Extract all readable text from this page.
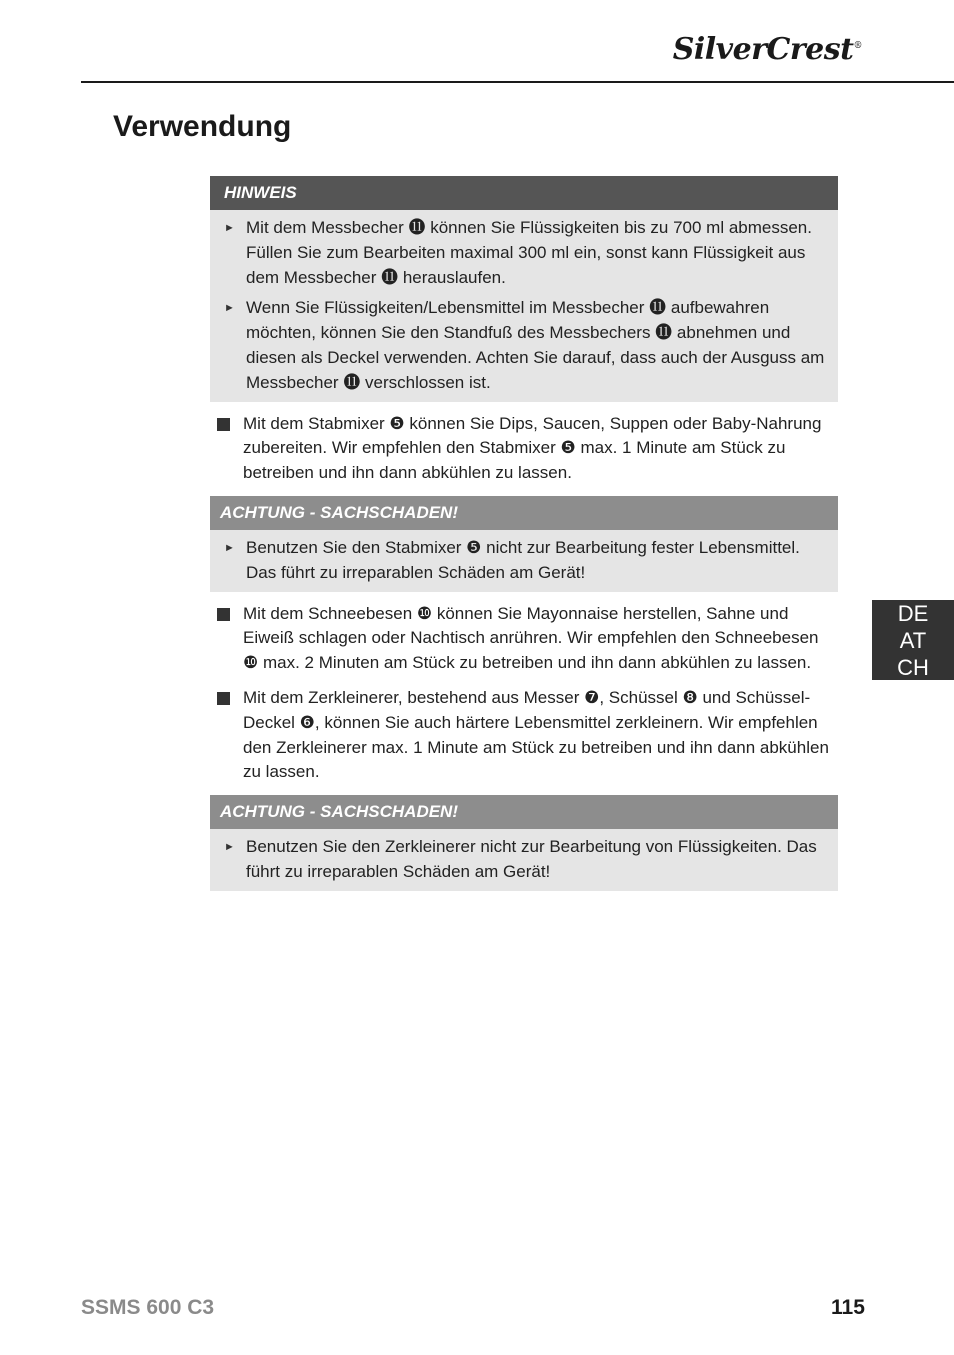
SilverCrest®
Verwendung
HINWEIS
► Mit dem Messbecher ⓫ können Sie Flüssigkeiten bis zu 700 ml abmessen. Füllen Sie zum Bearbeiten maximal 300 ml ein, sonst kann Flüssigkeit aus dem Messbecher ⓫ herauslaufen.
► Wenn Sie Flüssigkeiten/Lebensmittel im Messbecher ⓫ aufbewahren möchten, können Sie den Standfuß des Messbechers ⓫ abnehmen und diesen als Deckel verwenden. Achten Sie darauf, dass auch der Ausguss am Messbecher ⓫ verschlossen ist.
Mit dem Stabmixer ❺ können Sie Dips, Saucen, Suppen oder Baby-Nahrung zubereiten. Wir empfehlen den Stabmixer ❺ max. 1 Minute am Stück zu betreiben und ihn dann abkühlen zu lassen.
ACHTUNG - SACHSCHADEN!
► Benutzen Sie den Stabmixer ❺ nicht zur Bearbeitung fester Lebensmittel. Das führt zu irreparablen Schäden am Gerät!
Mit dem Schneebesen ❿ können Sie Mayonnaise herstellen, Sahne und Eiweiß schlagen oder Nachtisch anrühren. Wir empfehlen den Schneebesen ❿ max. 2 Minuten am Stück zu betreiben und ihn dann abkühlen zu lassen.
Mit dem Zerkleinerer, bestehend aus Messer ❼, Schüssel ❽ und Schüssel-Deckel ❻, können Sie auch härtere Lebensmittel zerkleinern. Wir empfehlen den Zerkleinerer max. 1 Minute am Stück zu betreiben und ihn dann abkühlen zu lassen.
ACHTUNG - SACHSCHADEN!
► Benutzen Sie den Zerkleinerer nicht zur Bearbeitung von Flüssigkeiten. Das führt zu irreparablen Schäden am Gerät!
DE
AT
CH
SSMS 600 C3	115
